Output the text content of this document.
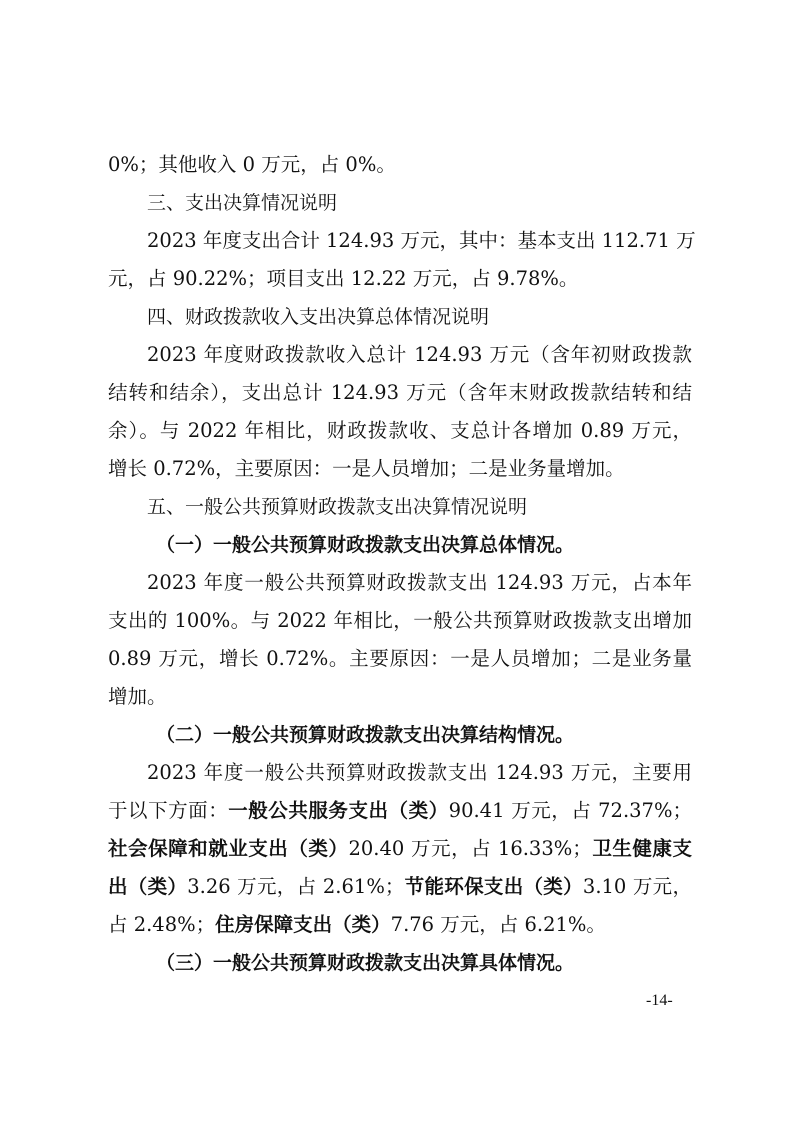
0%；其他收入 0 万元，占 0%。
三、支出决算情况说明
2023 年度支出合计 124.93 万元，其中：基本支出 112.71 万
元，占 90.22%；项目支出 12.22 万元，占 9.78%。
四、财政拨款收入支出决算总体情况说明
2023 年度财政拨款收入总计 124.93 万元（含年初财政拨款
结转和结余），支出总计 124.93 万元（含年末财政拨款结转和结
余）。与 2022 年相比，财政拨款收、支总计各增加 0.89 万元，
增长 0.72%，主要原因：一是人员增加；二是业务量增加。
五、一般公共预算财政拨款支出决算情况说明
（一）一般公共预算财政拨款支出决算总体情况。
2023 年度一般公共预算财政拨款支出 124.93 万元，占本年
支出的 100%。与 2022 年相比，一般公共预算财政拨款支出增加
0.89 万元，增长 0.72%。主要原因：一是人员增加；二是业务量
增加。
（二）一般公共预算财政拨款支出决算结构情况。
2023 年度一般公共预算财政拨款支出 124.93 万元，主要用
于以下方面：一般公共服务支出（类）90.41 万元，占 72.37%；
社会保障和就业支出（类）20.40 万元，占 16.33%；卫生健康支
出（类）3.26 万元，占 2.61%；节能环保支出（类）3.10 万元，
占 2.48%；住房保障支出（类）7.76 万元，占 6.21%。
（三）一般公共预算财政拨款支出决算具体情况。
-14-
